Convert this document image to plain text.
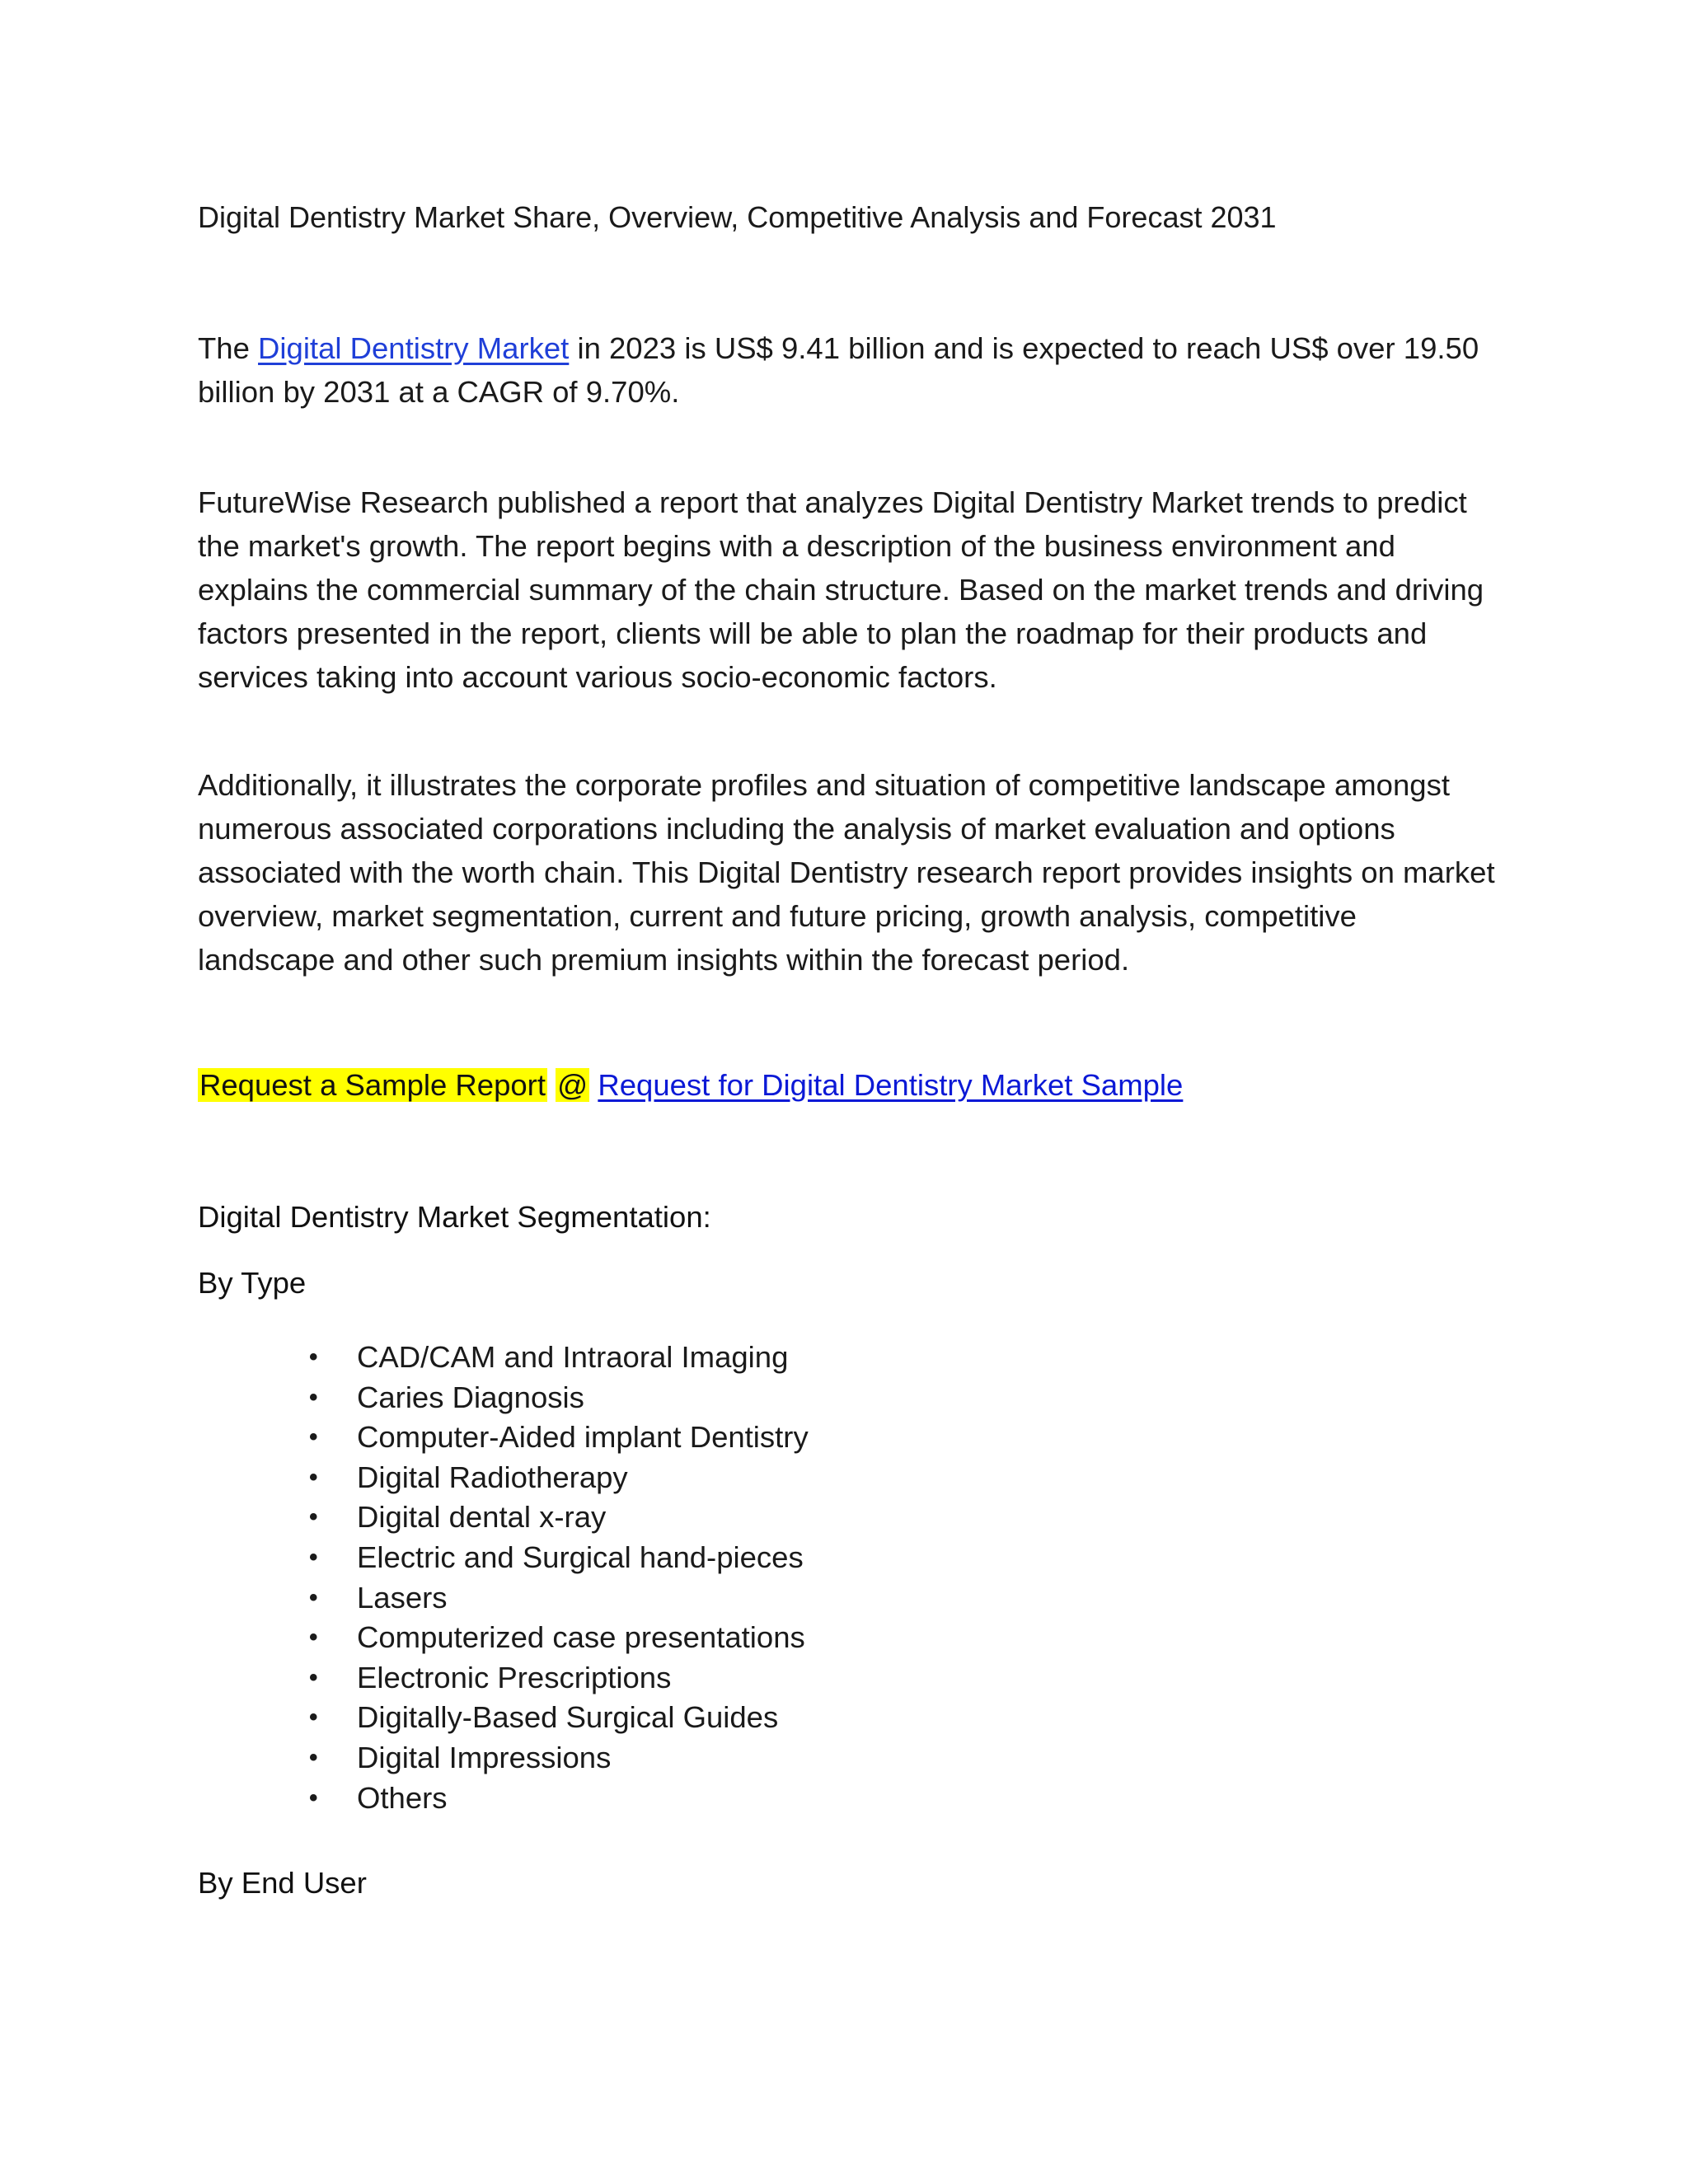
Digital Dentistry Market Share, Overview, Competitive Analysis and Forecast 2031

The Digital Dentistry Market in 2023 is US$ 9.41 billion and is expected to reach US$ over 19.50 billion by 2031 at a CAGR of 9.70%.

FutureWise Research published a report that analyzes Digital Dentistry Market trends to predict the market's growth. The report begins with a description of the business environment and explains the commercial summary of the chain structure. Based on the market trends and driving factors presented in the report, clients will be able to plan the roadmap for their products and services taking into account various socio-economic factors.

Additionally, it illustrates the corporate profiles and situation of competitive landscape amongst numerous associated corporations including the analysis of market evaluation and options associated with the worth chain. This Digital Dentistry research report provides insights on market overview, market segmentation, current and future pricing, growth analysis, competitive landscape and other such premium insights within the forecast period.

Request a Sample Report @ Request for Digital Dentistry Market Sample
Digital Dentistry Market Segmentation:
By Type
• CAD/CAM and Intraoral Imaging
• Caries Diagnosis
• Computer-Aided implant Dentistry
• Digital Radiotherapy
• Digital dental x-ray
• Electric and Surgical hand-pieces
• Lasers
• Computerized case presentations
• Electronic Prescriptions
• Digitally-Based Surgical Guides
• Digital Impressions
• Others
By End User
